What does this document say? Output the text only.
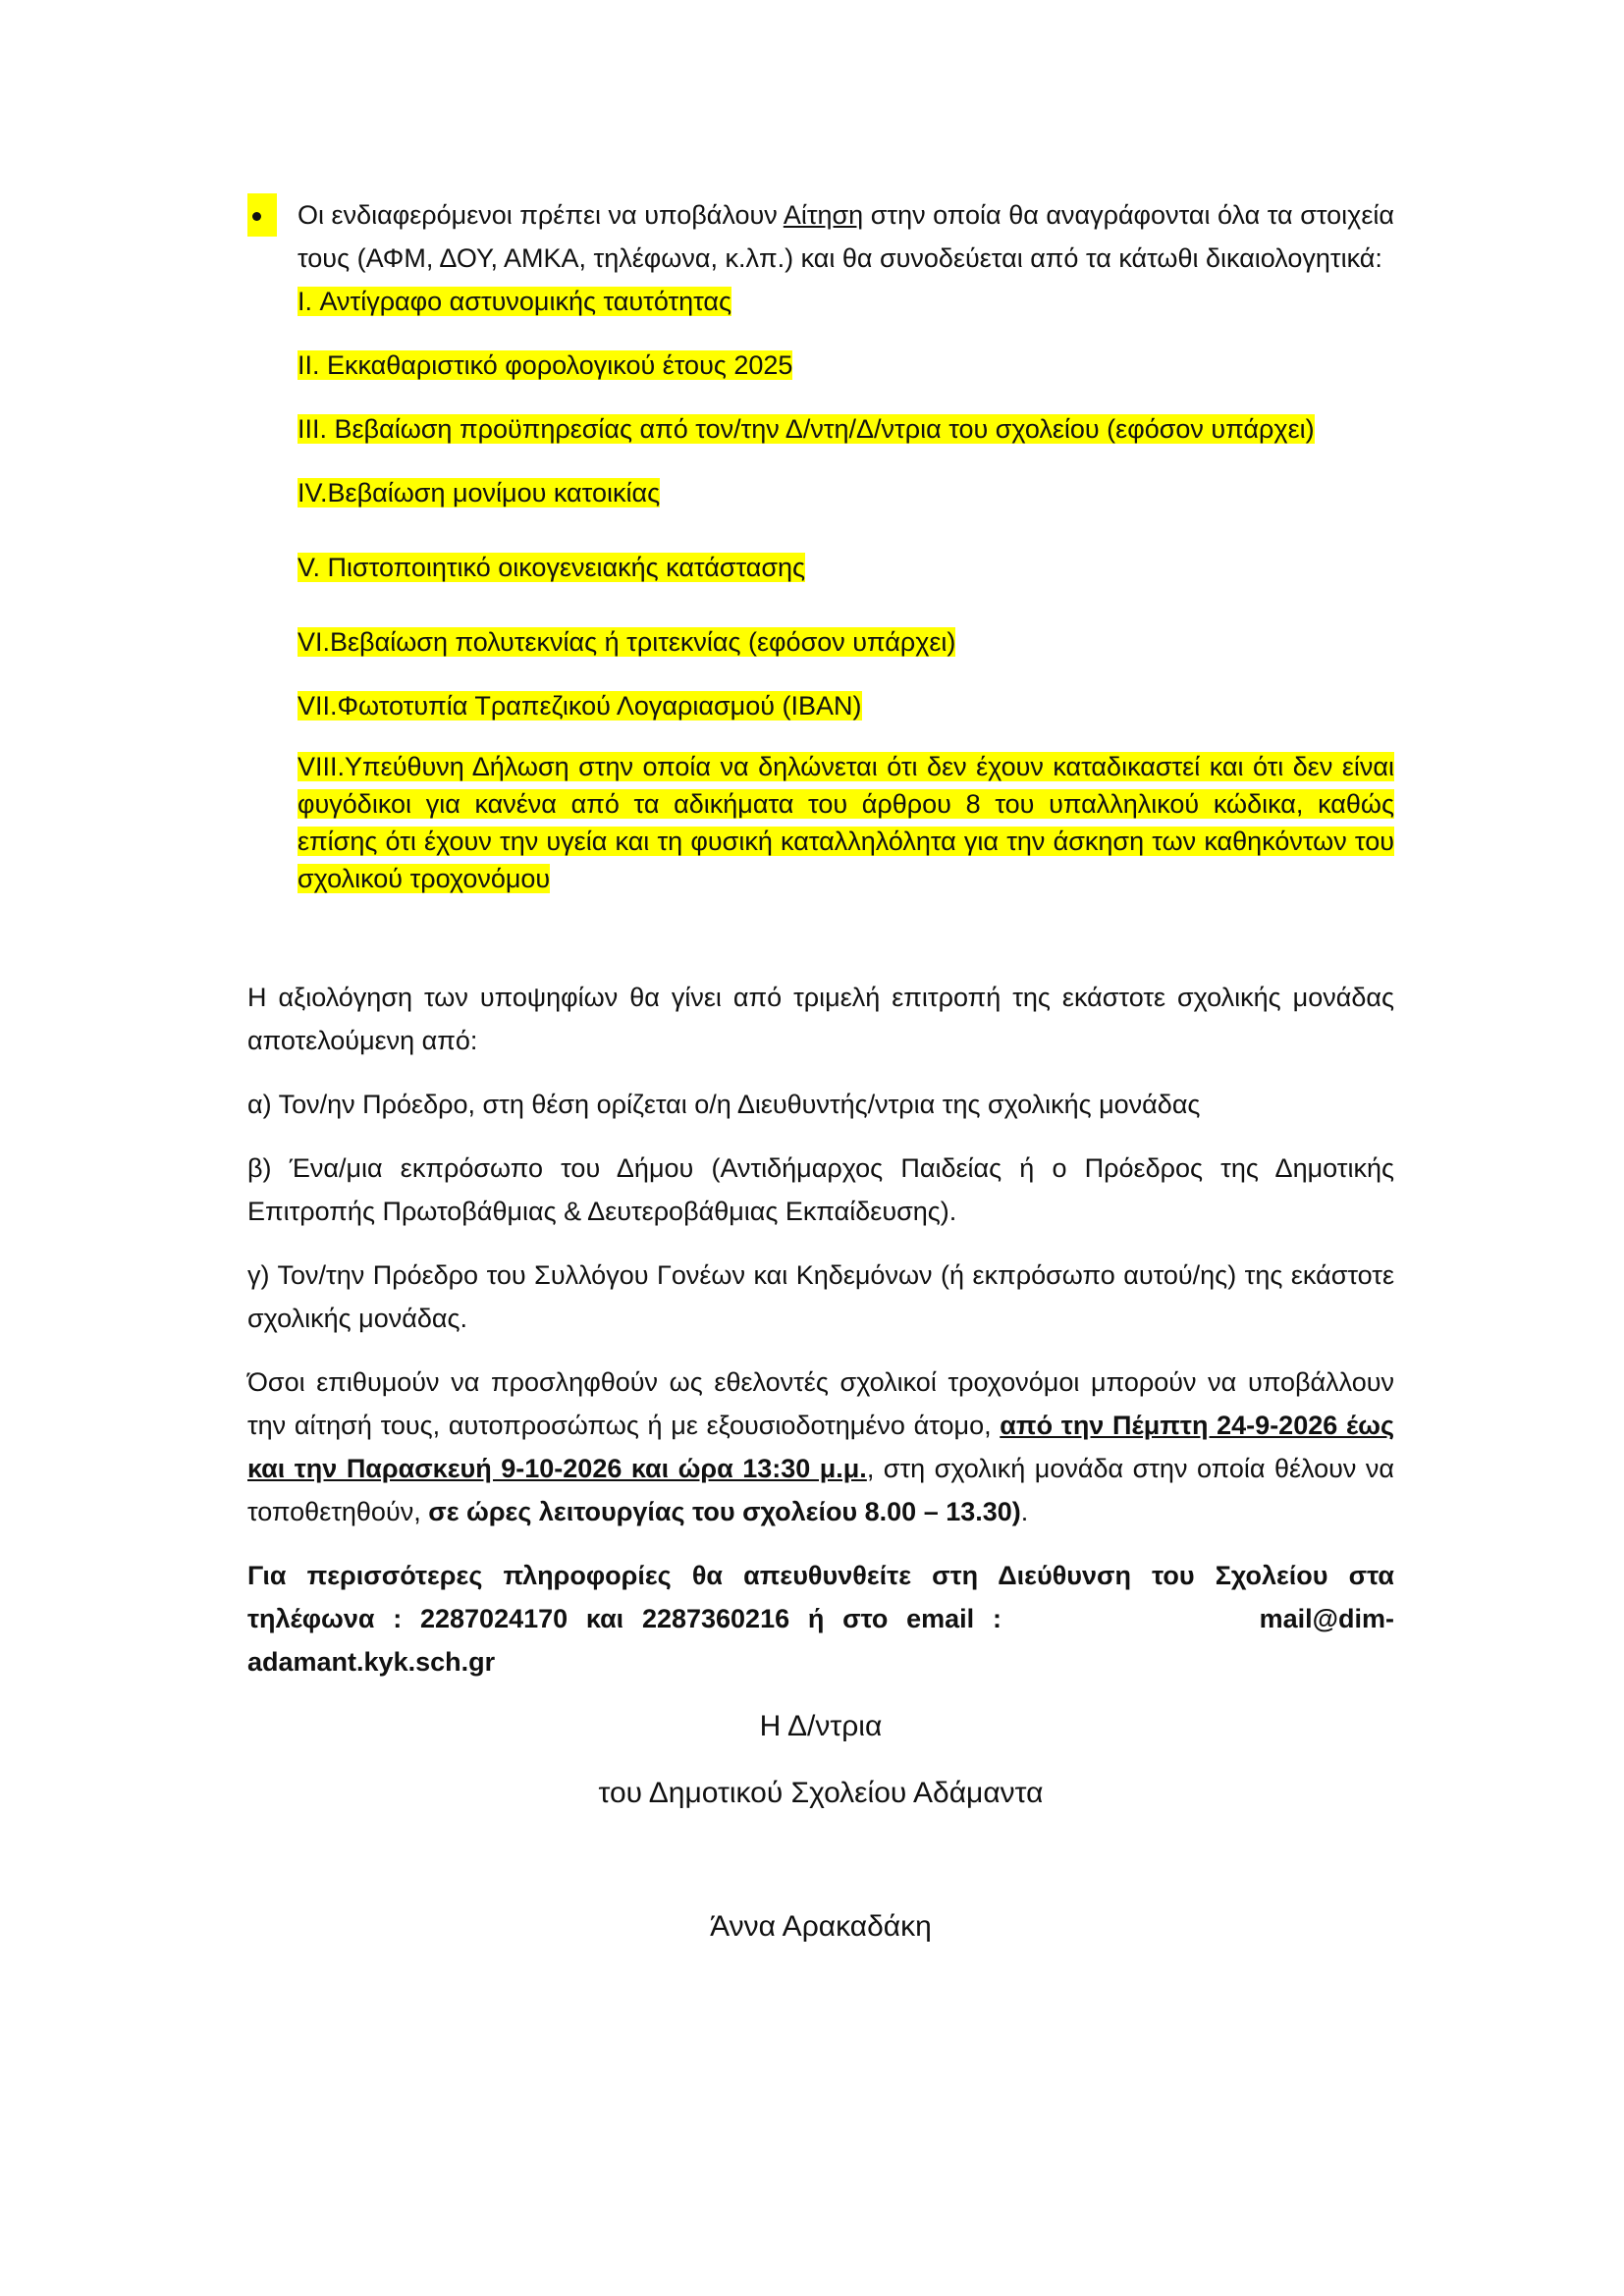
Οι ενδιαφερόμενοι πρέπει να υποβάλουν Αίτηση στην οποία θα αναγράφονται όλα τα στοιχεία τους (ΑΦΜ, ΔΟΥ, ΑΜΚΑ, τηλέφωνα, κ.λπ.) και θα συνοδεύεται από τα κάτωθι δικαιολογητικά:

I. Αντίγραφο αστυνομικής ταυτότητας

II. Εκκαθαριστικό φορολογικού έτους 2025

III. Βεβαίωση προϋπηρεσίας από τον/την Δ/ντη/Δ/ντρια του σχολείου (εφόσον υπάρχει)

IV.Βεβαίωση μονίμου κατοικίας

V. Πιστοποιητικό οικογενειακής κατάστασης

VI.Βεβαίωση πολυτεκνίας ή τριτεκνίας (εφόσον υπάρχει)

VII.Φωτοτυπία Τραπεζικού Λογαριασμού (IBAN)

VIII.Υπεύθυνη Δήλωση στην οποία να δηλώνεται ότι δεν έχουν καταδικαστεί και ότι δεν είναι φυγόδικοι για κανένα από τα αδικήματα του άρθρου 8 του υπαλληλικού κώδικα, καθώς επίσης ότι έχουν την υγεία και τη φυσική καταλληλόλητα για την άσκηση των καθηκόντων του σχολικού τροχονόμου

Η αξιολόγηση των υποψηφίων θα γίνει από τριμελή επιτροπή της εκάστοτε σχολικής μονάδας αποτελούμενη από:

α) Τον/ην Πρόεδρο, στη θέση ορίζεται ο/η Διευθυντής/ντρια της σχολικής μονάδας

β) Ένα/μια εκπρόσωπο του Δήμου (Αντιδήμαρχος Παιδείας ή ο Πρόεδρος της Δημοτικής Επιτροπής Πρωτοβάθμιας & Δευτεροβάθμιας Εκπαίδευσης).

γ) Τον/την Πρόεδρο του Συλλόγου Γονέων και Κηδεμόνων (ή εκπρόσωπο αυτού/ης) της εκάστοτε σχολικής μονάδας.

Όσοι επιθυμούν να προσληφθούν ως εθελοντές σχολικοί τροχονόμοι μπορούν να υποβάλλουν την αίτησή τους, αυτοπροσώπως ή με εξουσιοδοτημένο άτομο, από την Πέμπτη 24-9-2026 έως και την Παρασκευή 9-10-2026 και ώρα 13:30 μ.μ., στη σχολική μονάδα στην οποία θέλουν να τοποθετηθούν, σε ώρες λειτουργίας του σχολείου 8.00 – 13.30).

Για περισσότερες πληροφορίες θα απευθυνθείτε στη Διεύθυνση του Σχολείου στα τηλέφωνα : 2287024170 και 2287360216 ή στο email :	mail@dim-adamant.kyk.sch.gr

Η Δ/ντρια

του Δημοτικού Σχολείου Αδάμαντα

Άννα Αρακαδάκη
